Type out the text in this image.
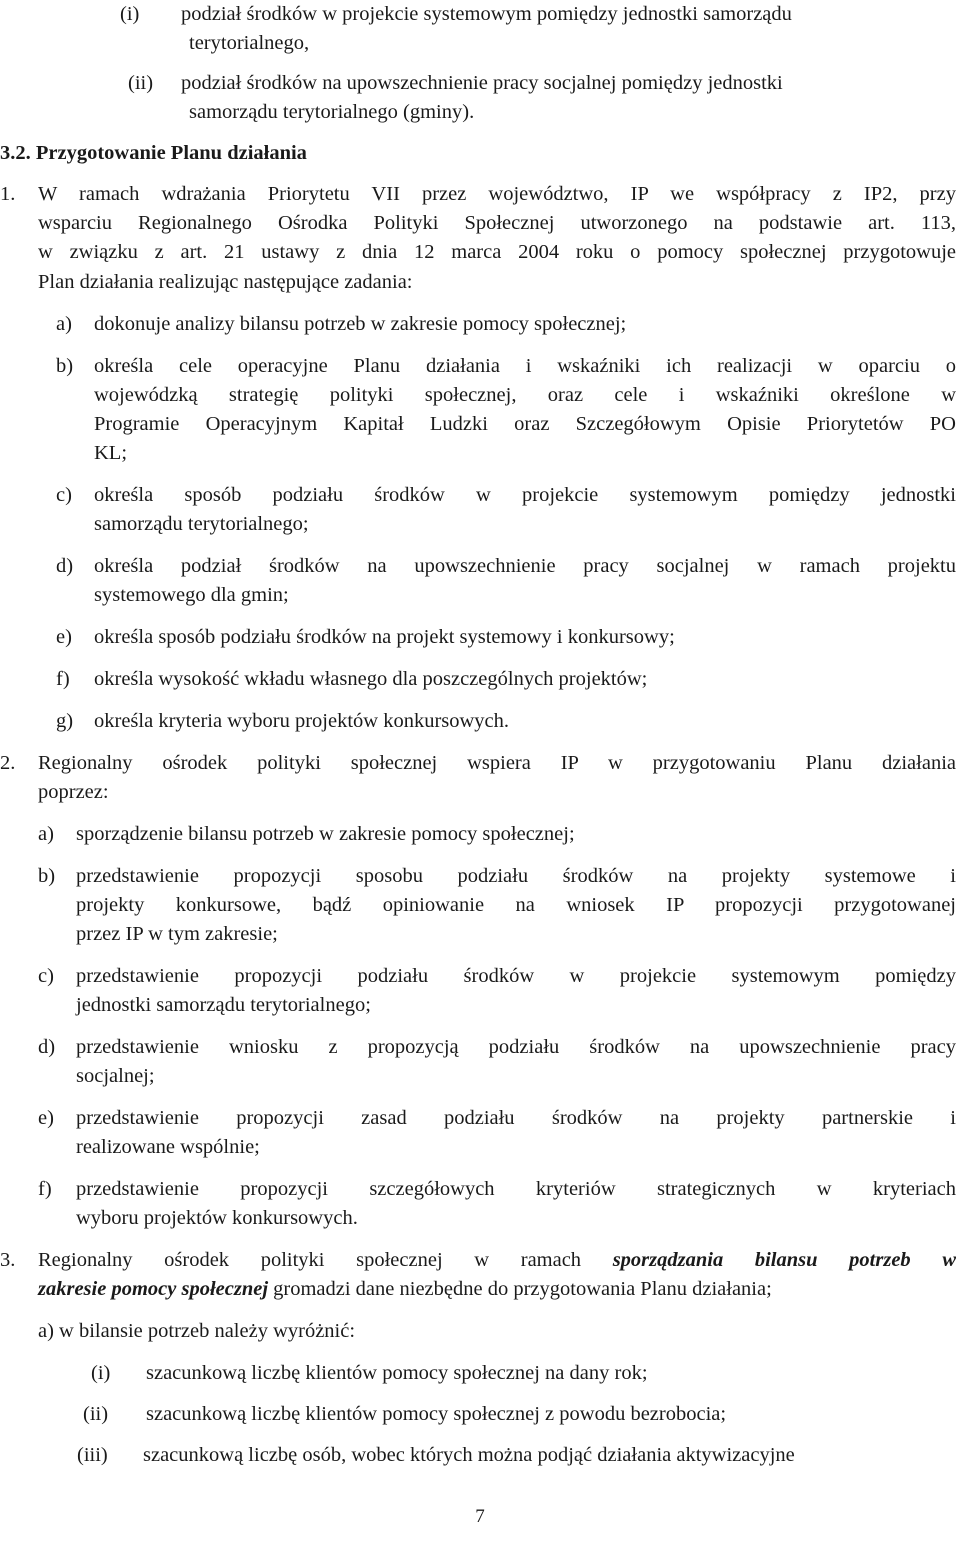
(i) podział środków w projekcie systemowym pomiędzy jednostki samorządu
terytorialnego,
(ii) podział środków na upowszechnienie pracy socjalnej pomiędzy jednostki
samorządu terytorialnego (gminy).
3.2. Przygotowanie Planu działania
1. W ramach wdrażania Priorytetu VII przez województwo, IP we współpracy z IP2, przy
wsparciu Regionalnego Ośrodka Polityki Społecznej utworzonego na podstawie art. 113,
w związku z art. 21 ustawy z dnia 12 marca 2004 roku o pomocy społecznej przygotowuje
Plan działania realizując następujące zadania:
a) dokonuje analizy bilansu potrzeb w zakresie pomocy społecznej;
b) określa cele operacyjne Planu działania i wskaźniki ich realizacji w oparciu o
wojewódzką strategię polityki społecznej, oraz cele i wskaźniki określone w
Programie Operacyjnym Kapitał Ludzki oraz Szczegółowym Opisie Priorytetów PO
KL;
c) określa sposób podziału środków w projekcie systemowym pomiędzy jednostki
samorządu terytorialnego;
d) określa podział środków na upowszechnienie pracy socjalnej w ramach projektu
systemowego dla gmin;
e) określa sposób podziału środków na projekt systemowy i konkursowy;
f) określa wysokość wkładu własnego dla poszczególnych projektów;
g) określa kryteria wyboru projektów konkursowych.
2. Regionalny ośrodek polityki społecznej wspiera IP w przygotowaniu Planu działania
poprzez:
a) sporządzenie bilansu potrzeb w zakresie pomocy społecznej;
b) przedstawienie propozycji sposobu podziału środków na projekty systemowe i
projekty konkursowe, bądź opiniowanie na wniosek IP propozycji przygotowanej
przez IP w tym zakresie;
c) przedstawienie propozycji podziału środków w projekcie systemowym pomiędzy
jednostki samorządu terytorialnego;
d) przedstawienie wniosku z propozycją podziału środków na upowszechnienie pracy
socjalnej;
e) przedstawienie propozycji zasad podziału środków na projekty partnerskie i
realizowane wspólnie;
f) przedstawienie propozycji szczegółowych kryteriów strategicznych w kryteriach
wyboru projektów konkursowych.
3. Regionalny ośrodek polityki społecznej w ramach sporządzania bilansu potrzeb w
zakresie pomocy społecznej gromadzi dane niezbędne do przygotowania Planu działania;
a) w bilansie potrzeb należy wyróżnić:
(i) szacunkową liczbę klientów pomocy społecznej na dany rok;
(ii) szacunkową liczbę klientów pomocy społecznej z powodu bezrobocia;
(iii) szacunkową liczbę osób, wobec których można podjąć działania aktywizacyjne
7
